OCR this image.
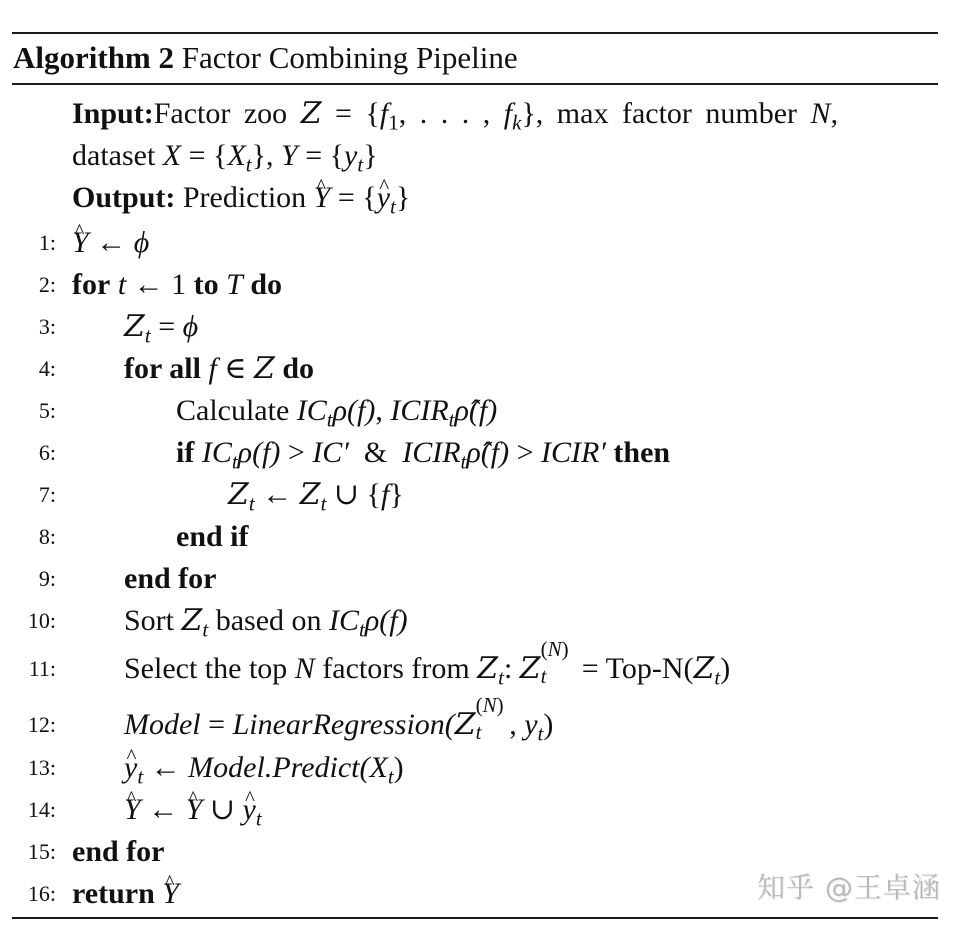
Algorithm 2 Factor Combining Pipeline
Input:Factor zoo $Z = \{f_1$, . . . , $f_k$}, max factor number N,
dataset $X = \{X_t\}$, $Y = \{y_t\}$
Output: Prediction ^ Y = {^ $y_t$}
1: ^ Y ← ϕ
2: for t ← 1 to T do
3: $Z_t = \phi$
4: for all f ∈ Z do
5:	Calculate $IC_t\rho(f)$, $ICIR_t\rhô(f)$
6:	if $IC_t\rho(f) > IC'$ & $ICIR_t\rhô(f)$ > ICIR′ then
7:	$Z_t$ ← $Z_t$ ∪ {f}
8:	end if
9: end for
10: Sort $Z_t$ based on $IC_t\rho(f)$
11: Select the top N factors from $Z_t$: Z
(N)
t = Top-$N(Z_t)$
12: Model = LinearRegression(Z
(N)
t , $y_t$)
13: ^ $y_t$ ← $Model.Predict(X_t)$
14: ^ Y ← ^ Y ∪ ^ $y_t$
15: end for
16: return ^ Y	知乎 @王卓涵
